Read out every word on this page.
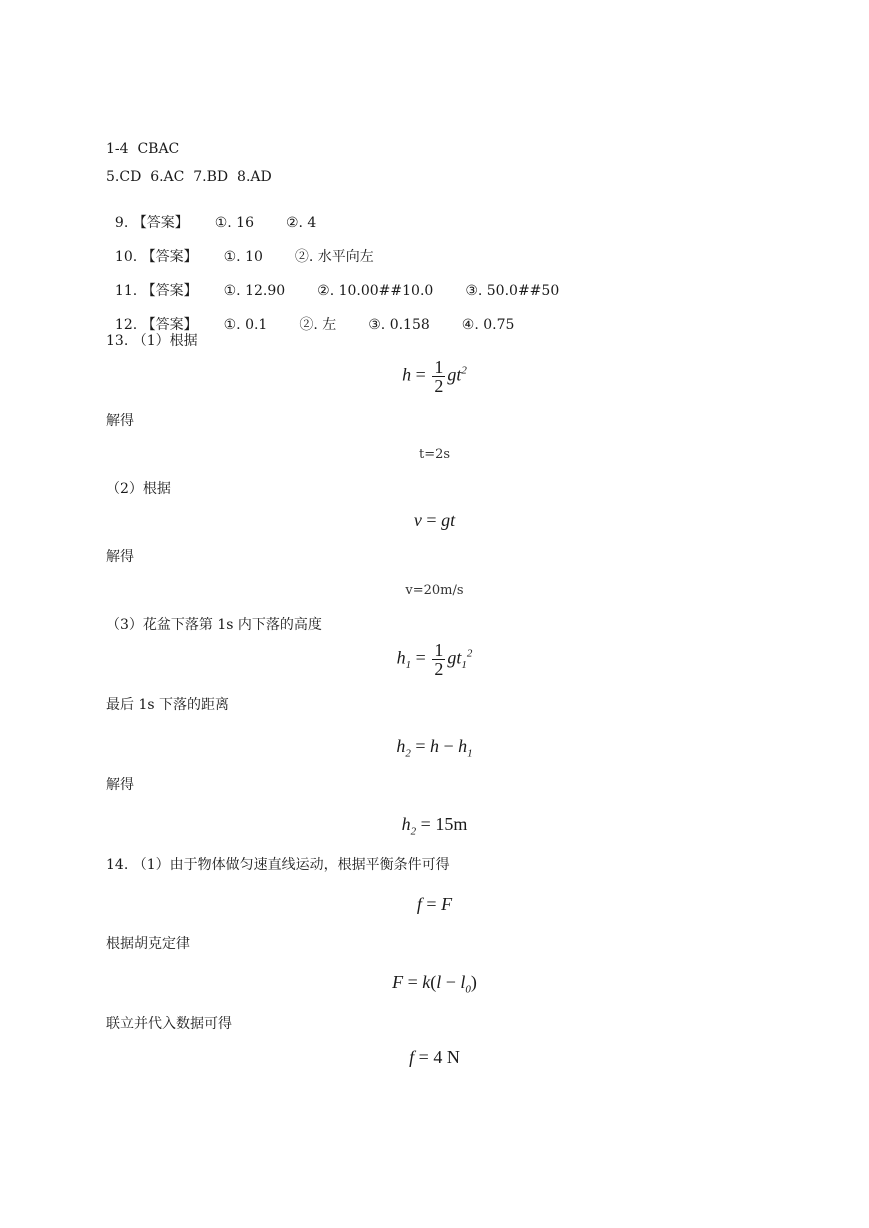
1-4  CBAC
5.CD  6.AC  7.BD  8.AD

9. 【答案】 ①. 16 ②. 4

10. 【答案】 ①. 10 ②. 水平向左

11. 【答案】 ①. 12.90 ②. 10.00##10.0 ③. 50.0##50

12. 【答案】 ①. 0.1 ②. 左 ③. 0.158 ④. 0.75

13. （1）根据
$h = \frac{1}{2} gt^2$
解得
t=2s
（2）根据
v = gt
解得
v=20m/s
（3）花盆下落第 1s 内下落的高度
$h_1 = \frac{1}{2} gt_1^2$
最后 1s 下落的距离
$h_2 = h - h_1$
解得
$h_2 = 15m$
14. （1）由于物体做匀速直线运动，根据平衡条件可得
f = F
根据胡克定律
$F = k(l - l_0)$
联立并代入数据可得
f = 4 N
